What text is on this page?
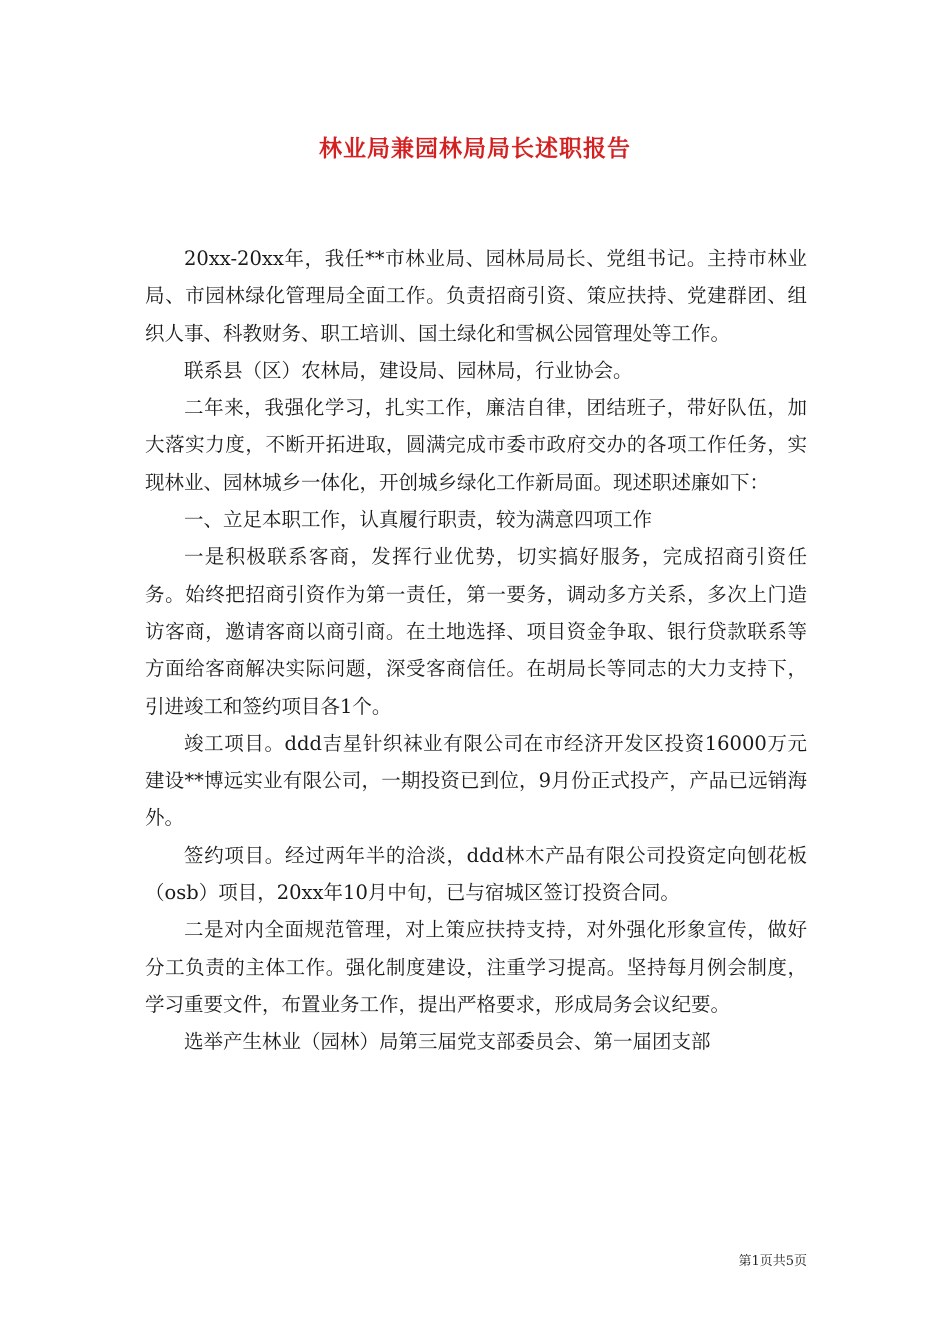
林业局兼园林局局长述职报告

20xx-20xx年，我任**市林业局、园林局局长、党组书记。主持市林业局、市园林绿化管理局全面工作。负责招商引资、策应扶持、党建群团、组织人事、科教财务、职工培训、国土绿化和雪枫公园管理处等工作。

联系县（区）农林局，建设局、园林局，行业协会。

二年来，我强化学习，扎实工作，廉洁自律，团结班子，带好队伍，加大落实力度，不断开拓进取，圆满完成市委市政府交办的各项工作任务，实现林业、园林城乡一体化，开创城乡绿化工作新局面。现述职述廉如下：

一、立足本职工作，认真履行职责，较为满意四项工作

一是积极联系客商，发挥行业优势，切实搞好服务，完成招商引资任务。始终把招商引资作为第一责任，第一要务，调动多方关系，多次上门造访客商，邀请客商以商引商。在土地选择、项目资金争取、银行贷款联系等方面给客商解决实际问题，深受客商信任。在胡局长等同志的大力支持下，引进竣工和签约项目各1个。

竣工项目。ddd吉星针织袜业有限公司在市经济开发区投资16000万元建设**博远实业有限公司，一期投资已到位，9月份正式投产，产品已远销海外。

签约项目。经过两年半的洽淡，ddd林木产品有限公司投资定向刨花板（osb）项目，20xx年10月中旬，已与宿城区签订投资合同。

二是对内全面规范管理，对上策应扶持支持，对外强化形象宣传，做好分工负责的主体工作。强化制度建设，注重学习提高。坚持每月例会制度，学习重要文件，布置业务工作，提出严格要求，形成局务会议纪要。

选举产生林业（园林）局第三届党支部委员会、第一届团支部

第1页共5页
